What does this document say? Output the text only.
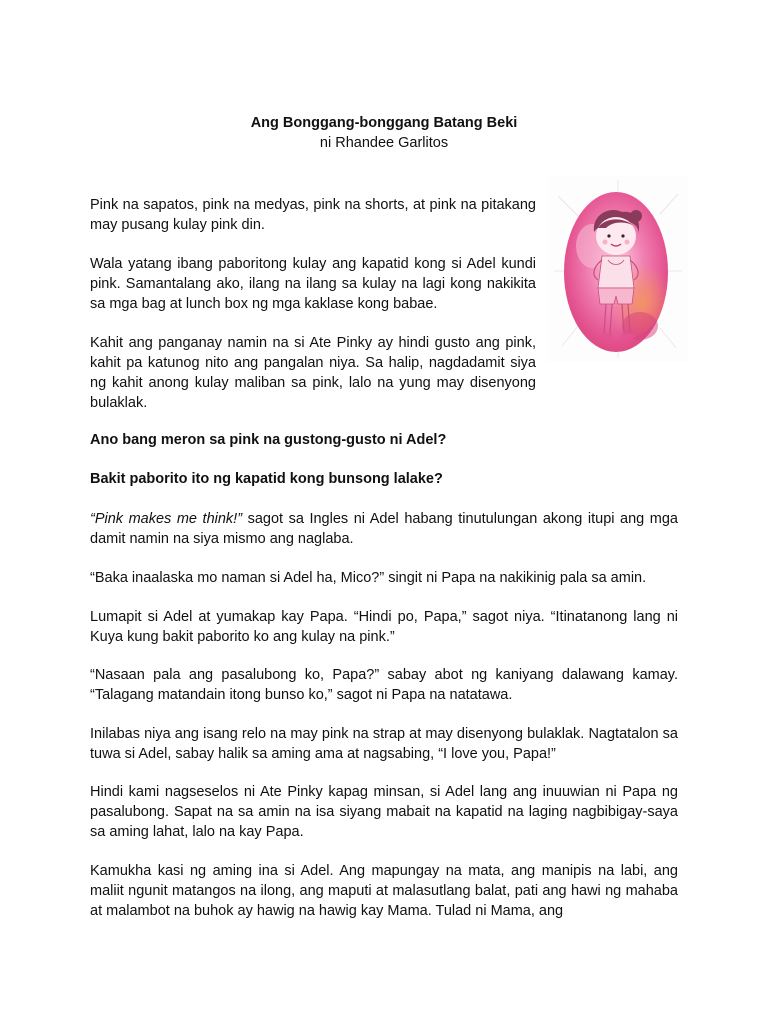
Ang Bonggang-bonggang Batang Beki
ni Rhandee Garlitos

Pink na sapatos, pink na medyas, pink na shorts, at pink na pitakang may pusang kulay pink din.

Wala yatang ibang paboritong kulay ang kapatid kong si Adel kundi pink. Samantalang ako, ilang na ilang sa kulay na lagi kong nakikita sa mga bag at lunch box ng mga kaklase kong babae.

Kahit ang panganay namin na si Ate Pinky ay hindi gusto ang pink, kahit pa katunog nito ang pangalan niya. Sa halip, nagdadamit siya ng kahit anong kulay maliban sa pink, lalo na yung may disenyong bulaklak.

Ano bang meron sa pink na gustong-gusto ni Adel?

Bakit paborito ito ng kapatid kong bunsong lalake?

“Pink makes me think!” sagot sa Ingles ni Adel habang tinutulungan akong itupi ang mga damit namin na siya mismo ang naglaba.

“Baka inaalaska mo naman si Adel ha, Mico?” singit ni Papa na nakikinig pala sa amin.

Lumapit si Adel at yumakap kay Papa. “Hindi po, Papa,” sagot niya. “Itinatanong lang ni Kuya kung bakit paborito ko ang kulay na pink.”

“Nasaan pala ang pasalubong ko, Papa?” sabay abot ng kaniyang dalawang kamay. “Talagang matandain itong bunso ko,” sagot ni Papa na natatawa.

Inilabas niya ang isang relo na may pink na strap at may disenyong bulaklak. Nagtatalon sa tuwa si Adel, sabay halik sa aming ama at nagsabing, “I love you, Papa!”

Hindi kami nagseselos ni Ate Pinky kapag minsan, si Adel lang ang inuuwian ni Papa ng pasalubong. Sapat na sa amin na isa siyang mabait na kapatid na laging nagbibigay-saya sa aming lahat, lalo na kay Papa.

Kamukha kasi ng aming ina si Adel. Ang mapungay na mata, ang manipis na labi, ang maliit ngunit matangos na ilong, ang maputi at malasutlang balat, pati ang hawi ng mahaba at malambot na buhok ay hawig na hawig kay Mama. Tulad ni Mama, ang
